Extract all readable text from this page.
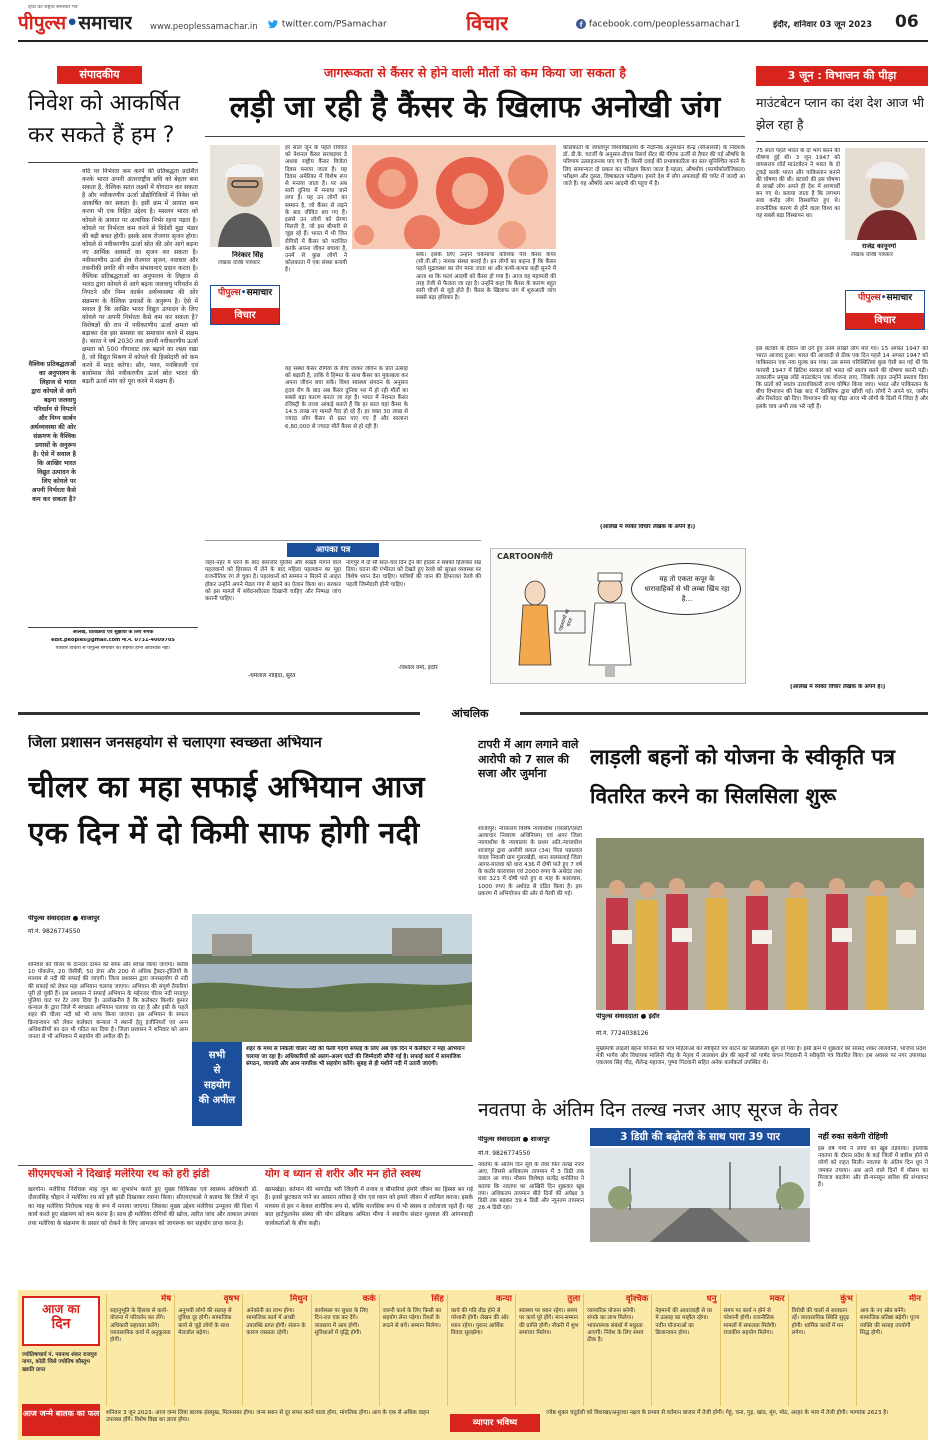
हिंदी का राष्ट्रीय समाचार पत्र
पीपुल्स•समाचार www.peoplessamachar.in	twitter.com/PSamachar	विचार	facebook.com/peoplessamachar1	इंदौर, शनिवार 03 जून 2023 06
संपादकीय
निवेश को आकर्षित कर सकते हैं हम ?
वैश्विक प्रतिबद्धताओं का अनुपालन के लिहाज से भारत द्वारा कोयले से आगे बढ़ना जलवायु परिवर्तन से निपटने और निम्न कार्बन अर्थव्यवस्था की ओर संक्रमण के वैश्विक प्रयासों के अनुरूप है। ऐसे में सवाल है कि आखिर भारत विद्युत उत्पादन के लिए कोयले पर अपनी निर्भरता कैसे कम कर सकता है?
यदि पर निर्भरता कम करने की प्रतिबद्धता प्रदर्शित करके भारत अपनी अंतरराष्ट्रीय छवि को बेहतर बना सकता है, वैश्विक सतत लक्ष्यों में योगदान कर सकता है और नवीकरणीय ऊर्जा प्रौद्योगिकियों में निवेश को आकर्षित कर सकता है। इसी क्रम में आयात कम करना भी एक निहित उद्देश्य है। मसलन भारत को कोयले के आयात पर अत्यधिक निर्भर रहना पड़ता है। कोयले पर निर्भरता कम करने से विदेशी मुद्रा भंडार की बड़ी बचत होगी। इसके साथ रोजगार सृजन होगा। कोयले से नवीकरणीय ऊर्जा स्रोत की ओर आगे बढ़ना नए आर्थिक अवसरों का सृजन कर सकता है। नवीकरणीय ऊर्जा क्षेत्र रोजगार सृजन, नवाचार और तकनीकी प्रगति की नवीन संभावनाएं प्रदान करता है। वैश्विक प्रतिबद्धताओं का अनुपालन के लिहाज से भारत द्वारा कोयले से आगे बढ़ना जलवायु परिवर्तन से निपटने और निम्न कार्बन अर्थव्यवस्था की ओर संक्रमण के वैश्विक प्रयासों के अनुरूप है। ऐसे में सवाल है कि आखिर भारत विद्युत उत्पादन के लिए कोयले पर अपनी निर्भरता कैसे कम कर सकता है? विशेषज्ञों की राय में नवीकरणीय ऊर्जा क्षमता को बढ़ाकर देश इस समस्या का समाधान करने में सक्षम है। भारत ने वर्ष 2030 तक अपनी नवीकरणीय ऊर्जा क्षमता को 500 गीगावाट तक बढ़ाने का लक्ष्य रखा है, जो विद्युत मिश्रण में कोयले की हिस्सेदारी को कम करने में मदद करेगा। सौर, पवन, पनबिजली एवं बायोमास जैसे नवीकरणीय ऊर्जा स्रोत भारत की बढ़ती ऊर्जा मांग को पूरा करने में सक्षम हैं।
आलेख, प्रतिक्रिया एवं सुझावों के लिए संपर्क
edit.peoples@gmail.com मो.नं. 0731-4009705
पत्रकार विचारों से पीपुल्स समाचार का सहमत होना आवश्यक नहीं।
जागरूकता से कैंसर से होने वाली मौतों को कम किया जा सकता है
लड़ी जा रही है कैंसर के खिलाफ अनोखी जंग
निरंकार सिंह
लेखक वरिष्ठ पत्रकार
पीपुल्स•समाचार
विचार
हर साल जून के पहले रविवार को नेशनल कैंसर सरवाइवर डे अथवा राष्ट्रीय कैंसर विजेता दिवस मनाया जाता है। यह दिवस अमेरिका में विशेष रूप से मनाया जाता है। पर अब सारी दुनिया में मनाया जाने लगा है। यह उन लोगों का सम्मान है, जो कैंसर से लड़ने के बाद जीवित बच गए हैं। इससे उन लोगों को प्रेरणा मिलती है, जो इस बीमारी से जूझ रहे हैं। भारत में भी जिन रोगियों में कैंसर को पराजित करके अपना जीवन बचाया है, उनमें से कुछ लोगों ने कोलकाता में एक संस्था बनायी है।
यह संस्था कैंसर रोगियों के बीच जाकर जीवन के प्रति उत्साह को बढ़ाती है, ताकि वे हिम्मत के साथ कैंसर का मुकाबला कर अपना जीवन बचा सकें। विश्व स्वास्थ्य संगठन के अनुसार हृदय रोग के बाद अब कैंसर दुनिया भर में हो रही मौतों का सबसे बड़ा कारण बनता जा रहा है। भारत में नेशनल कैंसर रजिस्ट्री के ताजा आंकड़े बताते हैं कि हर साल यहां कैंसर के 14.5 लाख नए मामले पैदा हो रहे हैं। हर वक्त 30 लाख से ज्यादा लोग कैंसर से ग्रस्त पाए गए हैं और सालाना 6,80,000 से ज्यादा मौतें कैंसर से हो रही हैं।
सके। इसके लिए उन्होंने चकमाचा कौशिक पेरो कैंसर केयर (सी.पी.सी.) नामक संस्था बनाई है। इन लोगों का कहना है कि कैंसर पहले मुद्रावस्था का रोग माना जाता था और कभी-कभार कहीं सुनने में आता था कि फलां आदमी को कैंसर हो गया है। आज यह महामारी की तरह तेजी से फैलता जा रहा है। उन्होंने कहा कि कैंसर के कारण बहुत सारी चीजों से जुड़े होते हैं। कैंसर के खिलाफ जंग में शुरुआती जांच सबसे बड़ा हथियार है।
कोलकाता के जाधवपुर विश्वविद्यालय के नैदानिक अनुसंधान केन्द्र (सीआरसी) के निदेशक डॉ. डी.के. चटर्जी के अनुसार-डीएस रिसर्च सेंटर की पीएफ ऊर्जी से तैयार की गई औषधि के परिणाम उत्साहजनक पाए गए हैं। किसी दवाई की प्रभावकारिता का स्तर सुनिश्चित करने के लिए सामान्यतः दो प्रकार का परीक्षण किया जाता है-पहला, औषधीय (फार्माकोलॉजिकल) परीक्षण और दूसरा, विषाक्तता परीक्षण। हमारे देश में लोग अफवाहों की चपेट में जल्दी आ जाते हैं। यह औषधि आम आदमी की पहुंच में है।
(आलेख में व्यक्त विचार लेखक के अपने हैं।)
आपका पत्र
जहर-नहर में धरने के बाद कमजोर पुलिस और सख्ती मांगने वाले पहलवानों को हिरासत में लेने के बाद महिला पहलवान का मुद्दा राजनीतिक रंग ले चुका है। पहलवानों को सम्मान न मिलने से आहत होकर उन्होंने अपने मेडल गंगा में बहाने का ऐलान किया था। सरकार को इस मामले में संवेदनशीलता दिखानी चाहिए और निष्पक्ष जांच करानी चाहिए।
-धर्मलाल नाहिदा, सूरत
नागपुर में दो सौ सात-चार दिन ट्रेन की हादसे ने सबको हिलाकर रख दिया। घटना की गंभीरता को देखते हुए रेलवे को सुरक्षा व्यवस्था पर विशेष ध्यान देना चाहिए। यात्रियों की जान की हिफाजत रेलवे की पहली जिम्मेदारी होनी चाहिए।
-विशाल वर्मा, इंदौर
CARTOONगीरी
पहलवानों का धरना
यह तो एकता कपूर के धारावाहिकों से भी लम्बा खिंच रहा है...
3 जून : विभाजन की पीड़ा
माउंटबेटन प्लान का दंश देश आज भी झेल रहा है
राजेंद्र कानूनगो
लेखक वरिष्ठ पत्रकार
पीपुल्स•समाचार
विचार
75 साल पहले भारत के दो भाग करने की घोषणा हुई थी। 3 जून 1947 को वायसराय लॉर्ड माउंटबेटन ने भारत के दो टुकड़े करके भारत और पाकिस्तान बनाने की घोषणा की थी। बंटवारे की इस घोषणा से लाखों लोग अपने ही देश में शरणार्थी बन गए थे। बताया जाता है कि लगभग सवा करोड़ लोग विस्थापित हुए थे। राजनीतिक कारण से होने वाला विश्व का यह सबसे बड़ा विस्थापन था।
इस बंटवारे के दौरान जो दंगे हुए उनमें लाखों लोग मारे गए। 15 अगस्त 1947 को भारत आजाद हुआ। भारत की आजादी से ठीक एक दिन पहले 14 अगस्त 1947 को पाकिस्तान एक नया मुल्क बन गया। उस समय परिस्थितियां कुछ ऐसी बन गई थीं कि फरवरी 1947 में ब्रिटिश सरकार को भारत को स्वतंत्र करने की घोषणा करनी पड़ी। तत्कालीन प्रमुख लॉर्ड माउंटबेटन एक योजना लाए, जिसके तहत उन्होंने प्रस्ताव दिया कि प्रांतों को स्वतंत्र उत्तराधिकारी राज्य घोषित किया जाए। भारत और पाकिस्तान के बीच विभाजन की रेखा बाद में रेडक्लिफ द्वारा खींची गई। लोगों ने अपने घर, जमीन और रिश्तेदार खो दिए। विभाजन की यह पीड़ा आज भी लोगों के दिलों में जिंदा है और इसके घाव अभी तक भरे नहीं हैं।
(आलेख में व्यक्त विचार लेखक के अपने हैं।)
आंचलिक
जिला प्रशासन जनसहयोग से चलाएगा स्वच्छता अभियान
चीलर का महा सफाई अभियान आज
एक दिन में दो किमी साफ होगी नदी
पीपुल्स संवाददाता ● शाजापुर
मो.नं. 9826774550
शनिवार को चीलर के दानदार दामन को साफ और स्वच्छ किया जाएगा। करीब 10 पोकलेन, 20 जेसीबी, 50 डंपर और 200 से अधिक ट्रैक्टर-ट्रॉलियों के माध्यम से नदी की सफाई की जाएगी। जिला प्रशासन द्वारा जनसहयोग से नदी की सफाई को लेकर महा अभियान चलाया जाएगा। अभियान की संपूर्ण तैयारियां पूरी हो चुकी हैं। इस प्रशासन ने सफाई अभियान के मद्देनजर चीलर नदी मरदपुर पुलिया घाट पर टेंट लगा दिया है। उल्लेखनीय है कि कलेक्टर किशोर कुमार कन्याल के द्वारा जिले में स्वच्छता अभियान चलाया जा रहा है और इसी के पहले शहर की चीलर नदी को भी साफ किया जाएगा। इस अभियान के सफल क्रियान्वयन को लेकर कलेक्टर कन्याल ने स्थानों हेतु इंजीनियरों एवं अन्य अधिकारियों का दल भी गठित कर दिया है। जिला प्रशासन ने शनिवार को आम जनता से भी अभियान में सहयोग की अपील की है।
सभी
से
सहयोग
की अपील
शहर के मध्य से निकली चीलर नदी की फैली गंदगी सफाई के लिए अब एक दिन में कलेक्टर ने महा अभियान चलाया जा रहा है। अधिकारियों को अलग-अलग घाटों की जिम्मेदारी सौंपी गई है। सफाई कार्य में सामाजिक संगठन, व्यापारी और आम नागरिक भी सहयोग करेंगे। सुबह से ही मशीनें नदी में उतारी जाएंगी।
टापरी में आग लगाने वाले आरोपी को 7 साल की सजा और जुर्माना
शाजापुर। न्यायालय विशेष न्यायाधीश (एससी/एसटी अत्याचार निवारण अधिनियम) एवं अपर जिला न्यायाधीश के न्यायालय के प्रथम अति.न्यायाधीश शाजापुर द्वारा आरोपी कमल (34) पिता पन्नालाल यादव निवासी ग्राम गुलरखेड़ी, थाना सलसलाई जिला आगर-मालवा को धारा 436 में दोषी पाते हुए 7 वर्ष के कठोर कारावास एवं 2000 रुपए के अर्थदंड तथा धारा 323 में दोषी पाते हुए 6 माह के कारावास, 1000 रुपए के अर्थदंड से दंडित किया है। इस प्रकरण में अभियोजन की ओर से पैरवी की गई।
लाड़ली बहनों को योजना के स्वीकृति पत्र वितरित करने का सिलसिला शुरू
पीपुल्स संवाददाता ● इंदौर
मो.नं. 7724038126
मुख्यमंत्री लाड़ली बहना योजना की पात्र महिलाओं को स्वीकृति पत्र बांटने का सिलसिला शुरू हो गया है। इसी क्रम में शुक्रवार को सांसद शंकर लालवानी, भाजपा प्रदेश मंत्री भार्गव और विधायक मालिनी गौड़ के नेतृत्व में लालबाग क्षेत्र की बहनों को पार्षद कंचन गिदवानी ने स्वीकृति पत्र वितरित किए। इस अवसर पर नगर उपाध्यक्ष एकलव्य सिंह गौड़, शैलेन्द्र महाजन, पुष्पा गिदवानी सहित अनेक कार्यकर्ता उपस्थित थे।
नवतपा के अंतिम दिन तल्ख नजर आए सूरज के तेवर
3 डिग्री की बढ़ोतरी के साथ पारा 39 पार
पीपुल्स संवाददाता ● शाजापुर
मो.नं. 9826774550
नवतपा के अंतिम दिन सूर्य के तेवर फिर तल्ख नजर आए, जिससे अधिकतम तापमान में 3 डिग्री तक उछाल आ गया। मौसम विशेषज्ञ सत्येंद्र धनोतिया ने बताया कि नवतपा का आखिरी दिन शुक्रवार खूब तपा। अधिकतम तापमान बीते दिनों की अपेक्षा 3 डिग्री तक बढ़कर 39.4 डिग्री और न्यूनतम तापमान 26.4 डिग्री रहा।
नहीं रुका सकेगी रोहिणी
इस वर्ष गर्मी ने लोगों को खूब तड़पाया। हालांकि नवतपा के दौरान प्रदेश के कई जिलों में बारिश होने से लोगों को राहत मिली। नवतपा के अंतिम दिन धूप ने जमकर तपाया। अब आने वाले दिनों में मौसम का मिजाज बदलेगा और प्री-मानसून बारिश की संभावना है।
सीएमएचओ ने दिखाई मलेरिया रथ को हरी झंडी
खरगोन। मलेरिया निरोधक माह जून का शुभारंभ करते हुए मुख्य चिकित्सा एवं स्वास्थ्य अधिकारी डॉ. दौलतसिंह चौहान ने मलेरिया रथ को हरी झंडी दिखाकर रवाना किया। सीएमएचओ ने बताया कि जिले में जून का माह मलेरिया निरोधक माह के रूप में मनाया जाएगा। जिसका मुख्य उद्देश्य मलेरिया उन्मूलन की दिशा में कार्य करते हुए संक्रमण को कम करना है। साथ ही मलेरिया रोगियों की खोज, त्वरित जांच और तत्काल उपचार तथा मलेरिया के संक्रमण के प्रसार को रोकने के लिए आमजन को जागरूक कर सहयोग प्राप्त करना है।
योग व ध्यान से शरीर और मन होते स्वस्थ
खामखेड़ा। वर्तमान की भागदौड़ भरी जिंदगी में तनाव व बीमारियां हमारे जीवन का हिस्सा बन गई हैं। इनसे छुटकारा पाने का आसान तरीका है योग एवं ध्यान को हमारे जीवन में शामिल करना। इसके माध्यम से हम न केवल शारीरिक रूप से, बल्कि मानसिक रूप से भी स्वस्थ व तरोताजा रहते हैं। यह बात हार्टफुलनेस संस्था की योग प्रशिक्षक अमिता मीणा ने स्थानीय संस्टर मुल्ताल की आंगनवाड़ी कार्यकर्ताओं के बीच कही।
आज का
दिन
ज्योतिषाचार्य पं. नवनाथ शंकर राजगुरु नागर, कोठी जिसे ज्योतिष कौस्तुभ ख्याति प्राप्त
आज जन्मे बालक का फल
मेष
सहानुभूति के हिसाब से कार्य-योजना में परिवर्तन कर लेंगे। अधिकारी सहायता करेंगे। व्यावसायिक कार्य में अनुकूलता होगी।
वृषभ
अनुभवी लोगों की सलाह से दुविधा दूर होगी। सामाजिक कार्य से जुड़े लोगों के साथ मेलजोल बढ़ेगा।
मिथुन
अनेकोनी का लाभ होगा। सामाजिक कार्य में अच्छी उपलब्धि प्राप्त होगी। संतान के कारण व्यस्तता रहेगी।
कर्क
कार्यस्थल पर सुधार के लिए दिन-रात एक कर देंगे। व्यवसाय में आय होगी। सुविधाओं में वृद्धि होगी।
सिंह
जरूरी कार्य के लिए किसी का सहयोग लेना पड़ेगा। रिश्तों के रूठने से बचें। सम्मान मिलेगा।
कन्या
कार्य की गति तीव्र होने से परेशानी होगी। लेखन की ओर ध्यान रहेगा। पुराना आर्थिक विवाद सुलझेगा।
तुला
स्वास्थ्य पर ध्यान रहेगा। समय पर कार्य पूरे होंगे। मान-सम्मान की प्राप्ति होगी। नौकरी में शुभ समाचार मिलेगा।
वृश्चिक
व्यापारिक योजना बनेगी। संपर्क का लाभ मिलेगा। भावनात्मक संबंधों में मधुरता आएगी। निवेश के लिए समय ठीक है।
धनु
नेहमानों की आवाजाही से घर में उत्साह का माहौल रहेगा। नवीन योजनाओं का क्रियान्वयन होगा।
मकर
समय पर कार्य न होने से परेशानी होगी। राजनीतिक मामलों में सफलता मिलेगी। राजकीय सहयोग मिलेगा।
कुंभ
विरोधी की चालों से सावधान रहें। व्यावसायिक स्थिति सुदृढ़ होगी। धार्मिक कार्यों में मन लगेगा।
मीन
आय के नए स्रोत बनेंगे। सामाजिक प्रतिष्ठा बढ़ेगी। पूज्य व्यक्ति की सलाह उपयोगी सिद्ध होगी।
शनिवार 3 जून 2023: आज जन्म लिया बालक हंसमुख, मिलनसार होगा। जन्म स्थान से दूर सफर करने वाला होगा, मांगलिक होगा। आप के एक से अधिक वाहन उपलब्ध होंगे। विशेष विद्या का ज्ञाता होगा।	व्यापार भविष्य
ज्येष्ठ शुक्ल चतुर्दशी को विशाखा/अनुराधा नक्षत्र के प्रभाव से वर्तमान बाजार में तेजी होगी। गेहूं, चना, गुड़, खांड, मूंग, मोठ, अरहर के भाव में तेजी होगी। भाग्यांक 2623 है।
